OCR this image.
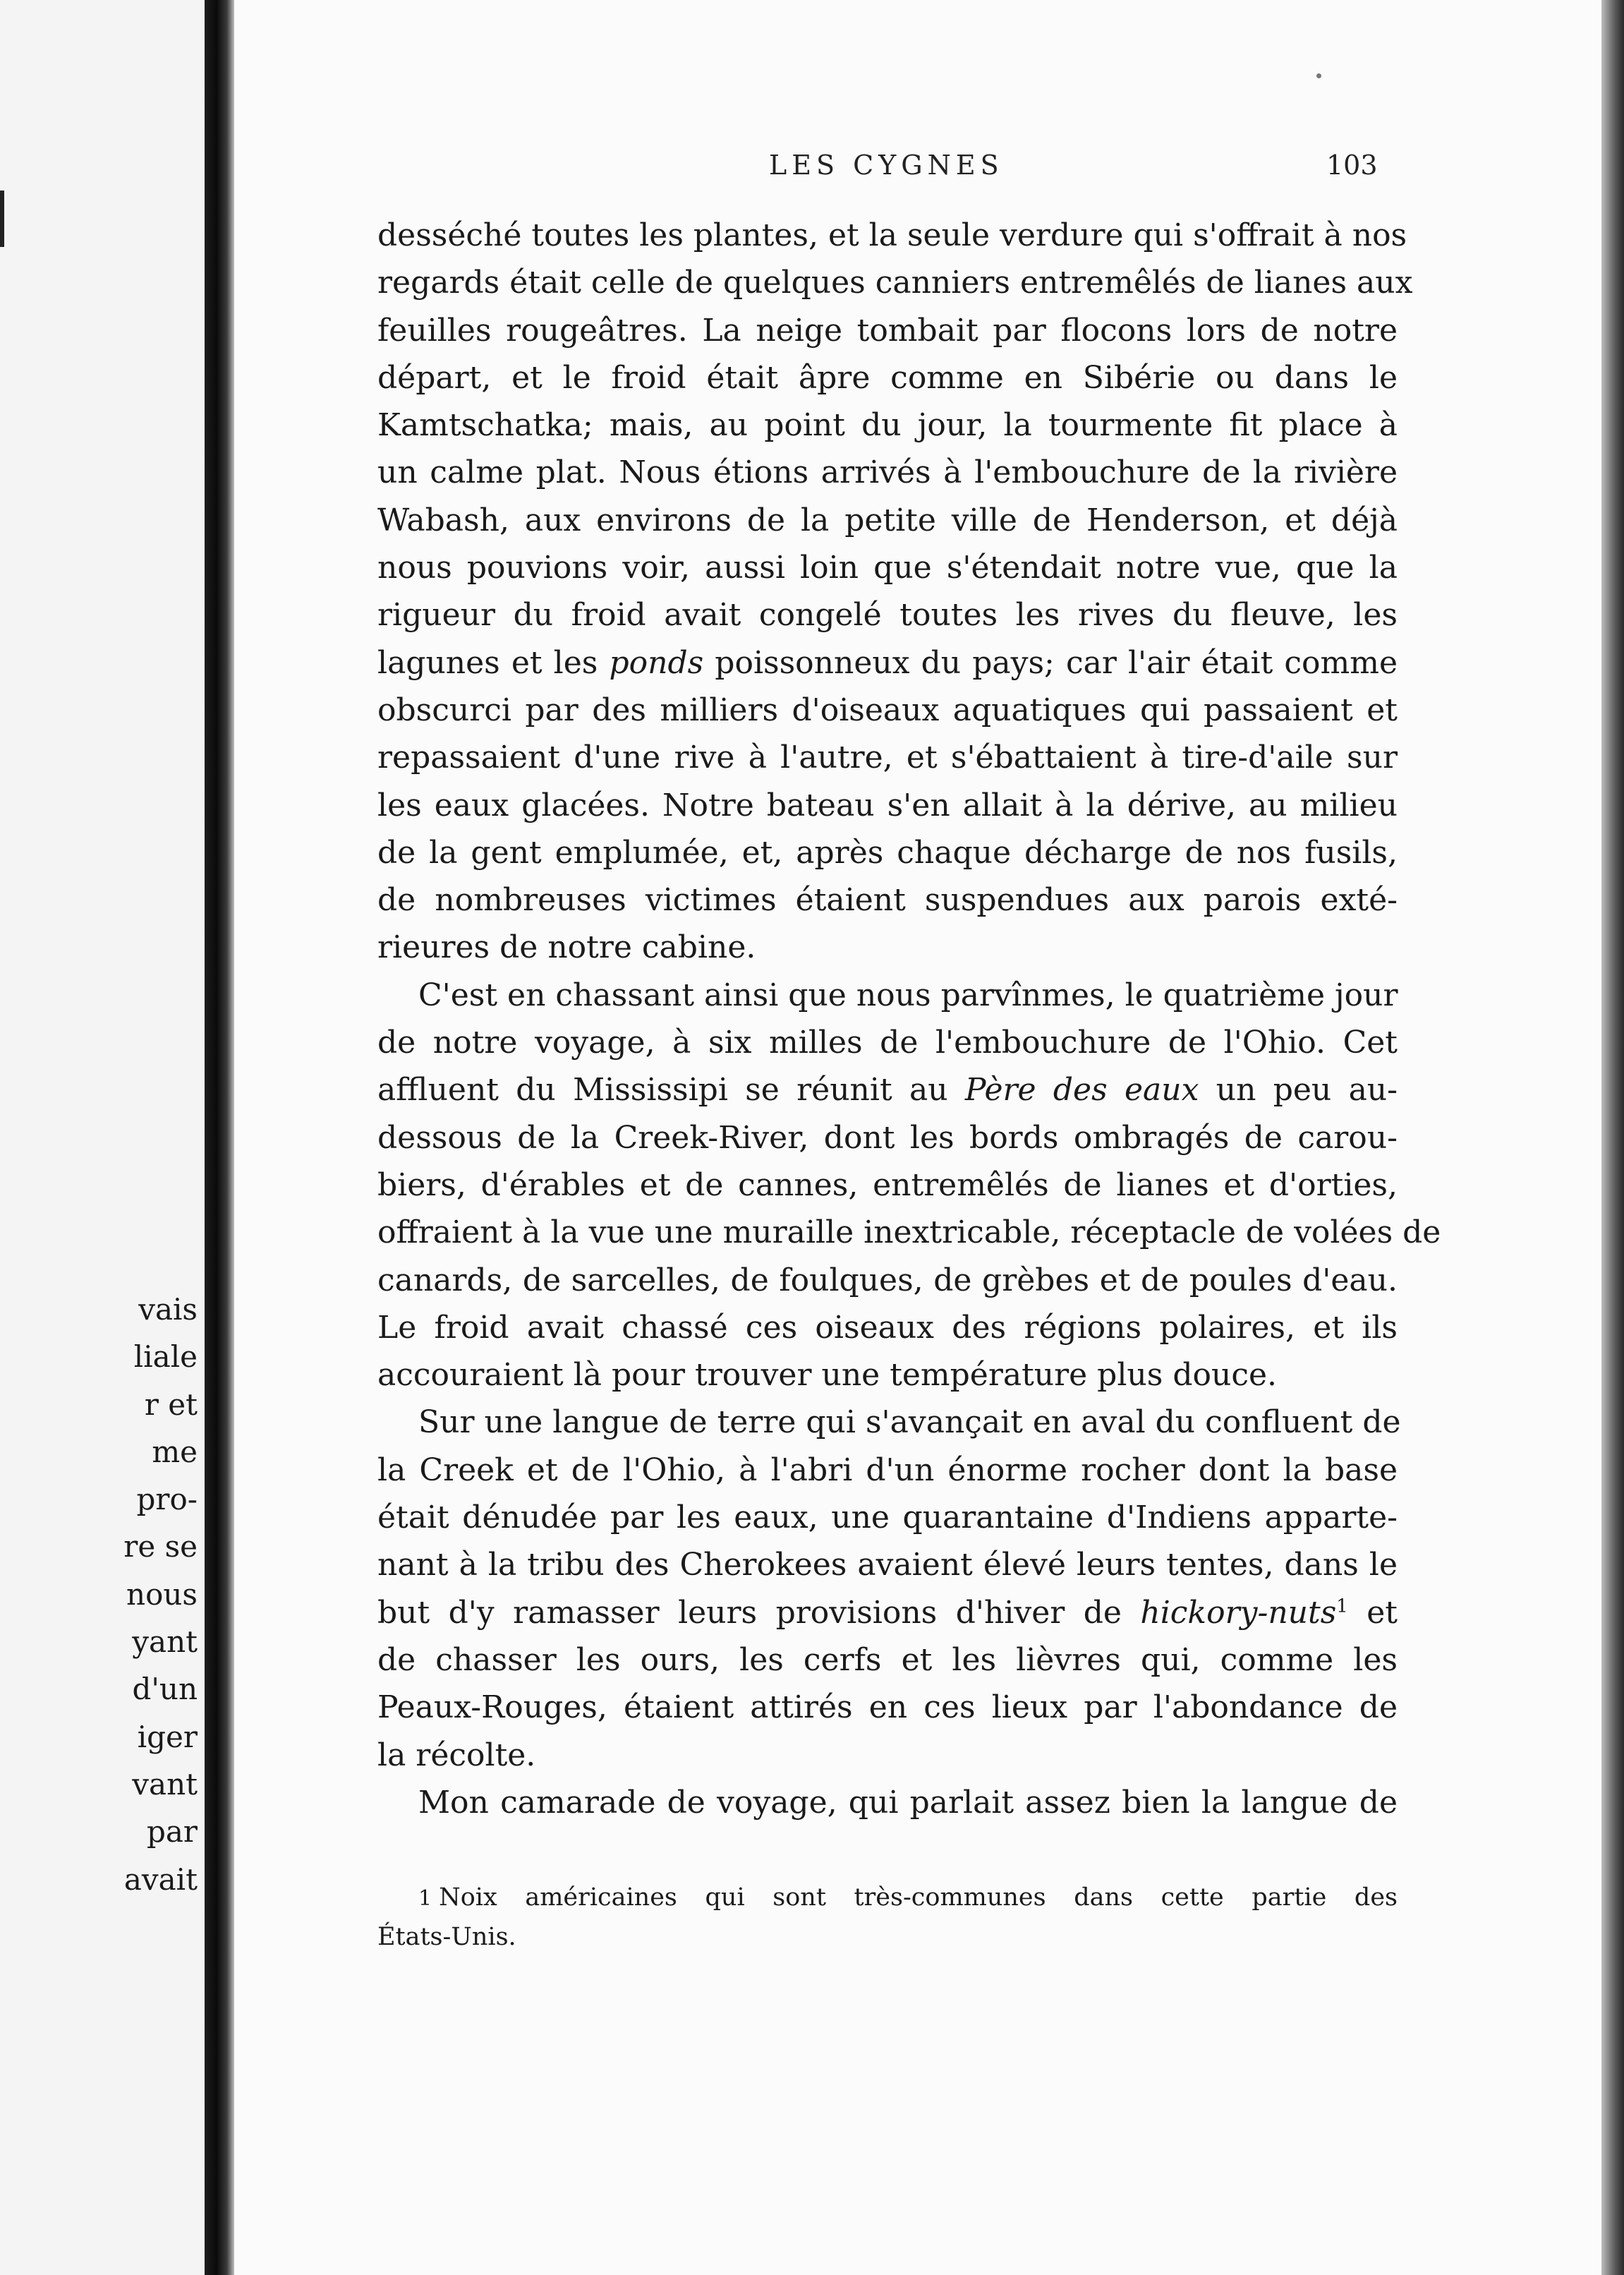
vais
liale
r et
me
pro-
re se
nous
yant
d'un
iger
vant
par
avait
LES CYGNES	103
desséché toutes les plantes, et la seule verdure qui s'offrait à nos
regards était celle de quelques canniers entremêlés de lianes aux
feuilles rougeâtres. La neige tombait par flocons lors de notre
départ, et le froid était âpre comme en Sibérie ou dans le
Kamtschatka; mais, au point du jour, la tourmente fit place à
un calme plat. Nous étions arrivés à l'embouchure de la rivière
Wabash, aux environs de la petite ville de Henderson, et déjà
nous pouvions voir, aussi loin que s'étendait notre vue, que la
rigueur du froid avait congelé toutes les rives du fleuve, les
lagunes et les ponds poissonneux du pays; car l'air était comme
obscurci par des milliers d'oiseaux aquatiques qui passaient et
repassaient d'une rive à l'autre, et s'ébattaient à tire-d'aile sur
les eaux glacées. Notre bateau s'en allait à la dérive, au milieu
de la gent emplumée, et, après chaque décharge de nos fusils,
de nombreuses victimes étaient suspendues aux parois exté-
rieures de notre cabine.
C'est en chassant ainsi que nous parvînmes, le quatrième jour
de notre voyage, à six milles de l'embouchure de l'Ohio. Cet
affluent du Mississipi se réunit au Père des eaux un peu au-
dessous de la Creek-River, dont les bords ombragés de carou-
biers, d'érables et de cannes, entremêlés de lianes et d'orties,
offraient à la vue une muraille inextricable, réceptacle de volées de
canards, de sarcelles, de foulques, de grèbes et de poules d'eau.
Le froid avait chassé ces oiseaux des régions polaires, et ils
accouraient là pour trouver une température plus douce.
Sur une langue de terre qui s'avançait en aval du confluent de
la Creek et de l'Ohio, à l'abri d'un énorme rocher dont la base
était dénudée par les eaux, une quarantaine d'Indiens apparte-
nant à la tribu des Cherokees avaient élevé leurs tentes, dans le
but d'y ramasser leurs provisions d'hiver de hickory-nuts$^1$ et
de chasser les ours, les cerfs et les lièvres qui, comme les
Peaux-Rouges, étaient attirés en ces lieux par l'abondance de
la récolte.
Mon camarade de voyage, qui parlait assez bien la langue de
1 Noix américaines qui sont très-communes dans cette partie des
États-Unis.
